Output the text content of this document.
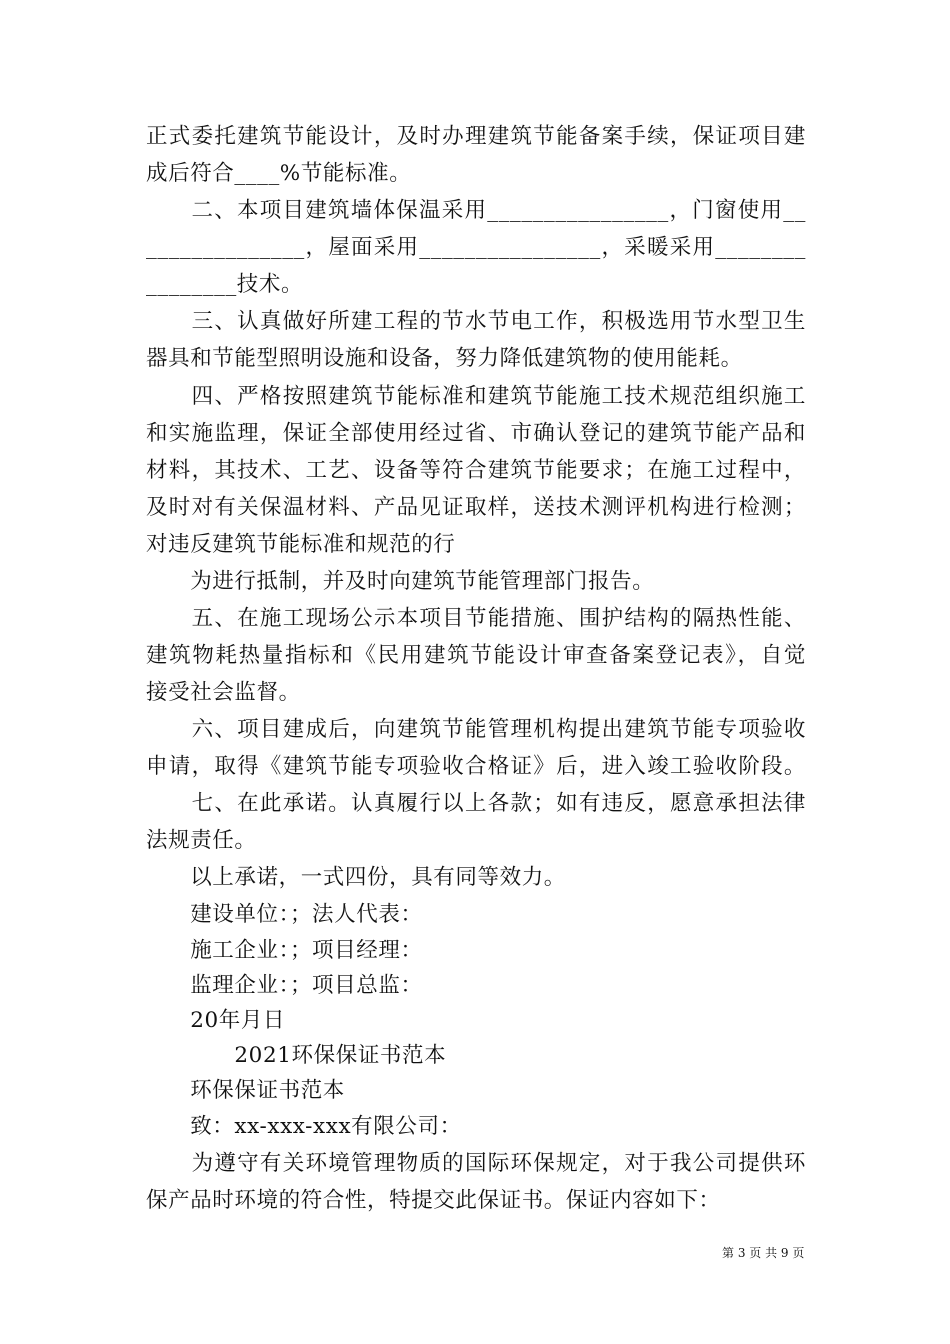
正式委托建筑节能设计，及时办理建筑节能备案手续，保证项目建
成后符合____%节能标准。
　　二、本项目建筑墙体保温采用________________，门窗使用__
______________，屋面采用________________，采暖采用________
________技术。
　　三、认真做好所建工程的节水节电工作，积极选用节水型卫生
器具和节能型照明设施和设备，努力降低建筑物的使用能耗。
　　四、严格按照建筑节能标准和建筑节能施工技术规范组织施工
和实施监理，保证全部使用经过省、市确认登记的建筑节能产品和
材料，其技术、工艺、设备等符合建筑节能要求；在施工过程中，
及时对有关保温材料、产品见证取样，送技术测评机构进行检测；
对违反建筑节能标准和规范的行
　　为进行抵制，并及时向建筑节能管理部门报告。
　　五、在施工现场公示本项目节能措施、围护结构的隔热性能、
建筑物耗热量指标和《民用建筑节能设计审查备案登记表》，自觉
接受社会监督。
　　六、项目建成后，向建筑节能管理机构提出建筑节能专项验收
申请，取得《建筑节能专项验收合格证》后，进入竣工验收阶段。
　　七、在此承诺。认真履行以上各款；如有违反，愿意承担法律
法规责任。
　　以上承诺，一式四份，具有同等效力。
　　建设单位：；法人代表：
　　施工企业：；项目经理：
　　监理企业：；项目总监：
　　20年月日
　　　　2021环保保证书范本
　　环保保证书范本
　　致：xx-xxx-xxx有限公司：
　　为遵守有关环境管理物质的国际环保规定，对于我公司提供环
保产品时环境的符合性，特提交此保证书。保证内容如下：
第 3 页 共 9 页
